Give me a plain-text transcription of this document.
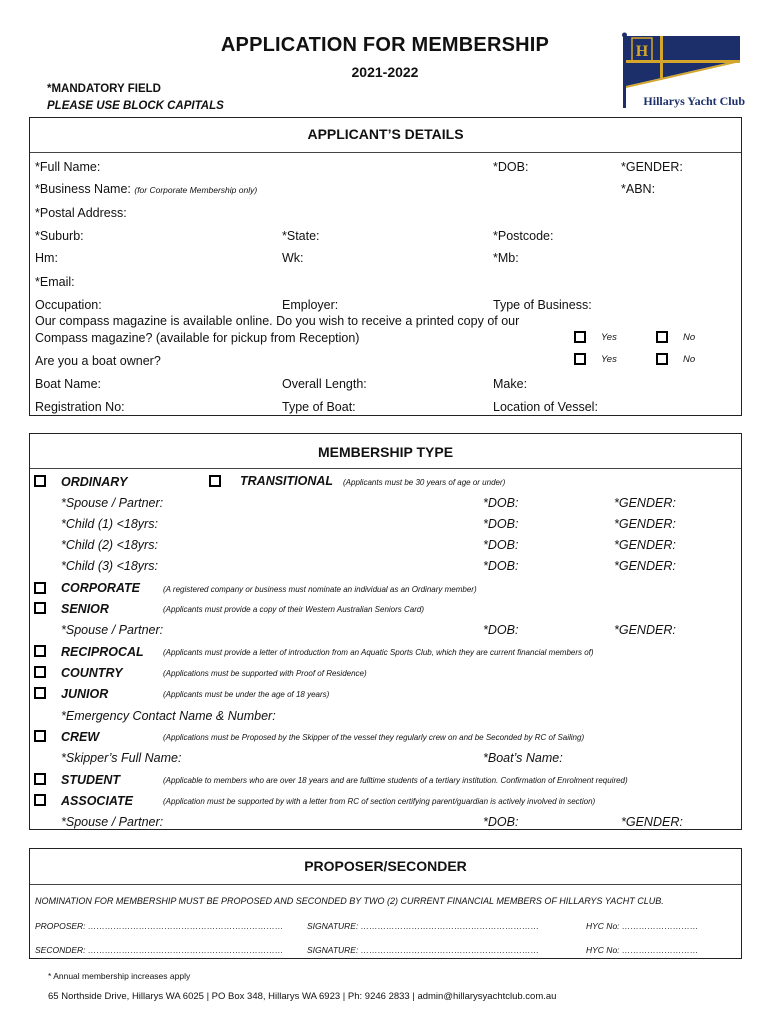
APPLICATION FOR MEMBERSHIP
2021-2022
*MANDATORY FIELD
PLEASE USE BLOCK CAPITALS
H
Hillarys Yacht Club
APPLICANT’S DETAILS
*Full Name:	*DOB:	*GENDER:
*Business Name: (for Corporate Membership only)	*ABN:
*Postal Address:
*Suburb:	*State:	*Postcode:
Hm:	Wk:	*Mb:
*Email:
Occupation:	Employer:	Type of Business:
Our compass magazine is available online. Do you wish to receive a printed copy of our
Compass magazine? (available for pickup from Reception)	Yes	No
Are you a boat owner?	Yes	No
Boat Name:	Overall Length:	Make:
Registration No:	Type of Boat:	Location of Vessel:
MEMBERSHIP TYPE
ORDINARY	TRANSITIONAL (Applicants must be 30 years of age or under)
*Spouse / Partner:	*DOB:	*GENDER:
*Child (1) <18yrs:	*DOB:	*GENDER:
*Child (2) <18yrs:	*DOB:	*GENDER:
*Child (3) <18yrs:	*DOB:	*GENDER:
CORPORATE	(A registered company or business must nominate an individual as an Ordinary member)
SENIOR	(Applicants must provide a copy of their Western Australian Seniors Card)
*Spouse / Partner:	*DOB:	*GENDER:
RECIPROCAL (Applicants must provide a letter of introduction from an Aquatic Sports Club, which they are current financial members of)
COUNTRY	(Applications must be supported with Proof of Residence)
JUNIOR	(Applicants must be under the age of 18 years)
*Emergency Contact Name & Number:
CREW	(Applications must be Proposed by the Skipper of the vessel they regularly crew on and be Seconded by RC of Sailing)
*Skipper’s Full Name:	*Boat’s Name:
STUDENT	(Applicable to members who are over 18 years and are fulltime students of a tertiary institution. Confirmation of Enrolment required)
ASSOCIATE	(Application must be supported by with a letter from RC of section certifying parent/guardian is actively involved in section)
*Spouse / Partner:	*DOB:	*GENDER:
PROPOSER/SECONDER
NOMINATION FOR MEMBERSHIP MUST BE PROPOSED AND SECONDED BY TWO (2) CURRENT FINANCIAL MEMBERS OF HILLARYS YACHT CLUB.
PROPOSER: ……………………………………………………………	SIGNATURE: ………………………………………………………	HYC No: ………………………
SECONDER: ……………………………………………………………	SIGNATURE: ………………………………………………………	HYC No: ………………………
* Annual membership increases apply
65 Northside Drive, Hillarys WA 6025 | PO Box 348, Hillarys WA 6923 | Ph: 9246 2833 | admin@hillarysyachtclub.com.au
